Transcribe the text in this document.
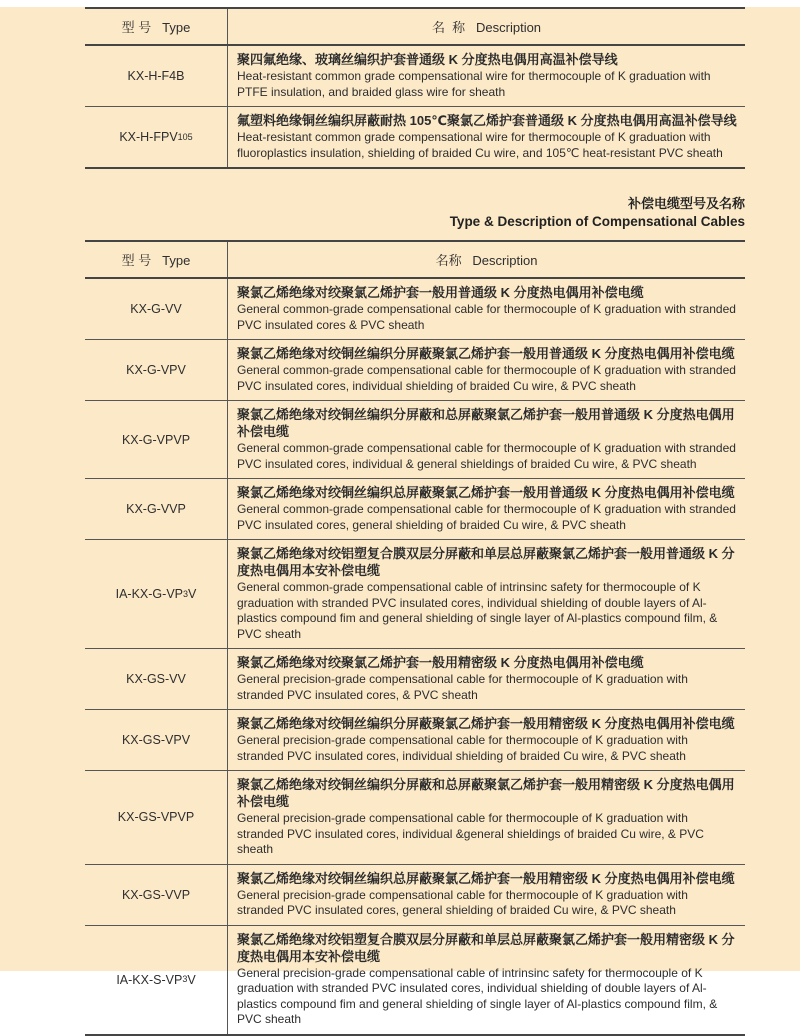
型 号   Type	名  称   Description
KX-H-F4B
聚四氟绝缘、玻璃丝编织护套普通级 K 分度热电偶用高温补偿导线
Heat-resistant common grade compensational wire for thermocouple of K graduation with PTFE insulation, and braided glass wire for sheath
KX-H-FPV 105
氟塑料绝缘铜丝编织屏蔽耐热 105℃聚氯乙烯护套普通级 K 分度热电偶用高温补偿导线
Heat-resistant common grade compensational wire for thermocouple of K graduation with fluoroplastics insulation, shielding of braided Cu wire, and 105℃ heat-resistant PVC sheath
补偿电缆型号及名称
Type & Description of Compensational Cables
型 号   Type	名称   Description
KX-G-VV
聚氯乙烯绝缘对绞聚氯乙烯护套一般用普通级 K 分度热电偶用补偿电缆
General common-grade compensational cable for thermocouple of K graduation with stranded PVC insulated cores & PVC sheath
KX-G-VPV
聚氯乙烯绝缘对绞铜丝编织分屏蔽聚氯乙烯护套一般用普通级 K 分度热电偶用补偿电缆
General common-grade compensational cable for thermocouple of K graduation with stranded PVC insulated cores, individual shielding of braided Cu wire, & PVC sheath
KX-G-VPVP
聚氯乙烯绝缘对绞铜丝编织分屏蔽和总屏蔽聚氯乙烯护套一般用普通级 K 分度热电偶用补偿电缆
General common-grade compensational cable for thermocouple of K graduation with stranded PVC insulated cores, individual & general shieldings of braided Cu wire, & PVC sheath
KX-G-VVP
聚氯乙烯绝缘对绞铜丝编织总屏蔽聚氯乙烯护套一般用普通级 K 分度热电偶用补偿电缆
General common-grade compensational cable for thermocouple of K graduation with stranded PVC insulated cores, general shielding of braided Cu wire, & PVC sheath
IA-KX-G-VP 3 V
聚氯乙烯绝缘对绞铝塑复合膜双层分屏蔽和单层总屏蔽聚氯乙烯护套一般用普通级 K 分度热电偶用本安补偿电缆
General common-grade compensational cable of intrinsinc safety for thermocouple of K graduation with stranded PVC insulated cores, individual shielding of double layers of Al-plastics compound fim and general shielding of single layer of Al-plastics compound film, & PVC sheath
KX-GS-VV
聚氯乙烯绝缘对绞聚氯乙烯护套一般用精密级 K 分度热电偶用补偿电缆
General precision-grade compensational cable for thermocouple of K graduation with stranded PVC insulated cores, & PVC sheath
KX-GS-VPV
聚氯乙烯绝缘对绞铜丝编织分屏蔽聚氯乙烯护套一般用精密级 K 分度热电偶用补偿电缆
General precision-grade compensational cable for thermocouple of K graduation with stranded PVC insulated cores, individual shielding of braided Cu wire, & PVC sheath
KX-GS-VPVP
聚氯乙烯绝缘对绞铜丝编织分屏蔽和总屏蔽聚氯乙烯护套一般用精密级 K 分度热电偶用补偿电缆
General precision-grade compensational cable for thermocouple of K graduation with stranded PVC insulated cores, individual &general shieldings of braided Cu wire, & PVC sheath
KX-GS-VVP
聚氯乙烯绝缘对绞铜丝编织总屏蔽聚氯乙烯护套一般用精密级 K 分度热电偶用补偿电缆
General precision-grade compensational cable for thermocouple of K graduation with stranded PVC insulated cores, general shielding of braided Cu wire, & PVC sheath
IA-KX-S-VP 3 V
聚氯乙烯绝缘对绞铝塑复合膜双层分屏蔽和单层总屏蔽聚氯乙烯护套一般用精密级 K 分度热电偶用本安补偿电缆
General precision-grade compensational cable of intrinsinc safety for thermocouple of K graduation with stranded PVC insulated cores, individual shielding of double layers of Al-plastics compound fim and general shielding of single layer of Al-plastics compound film, & PVC sheath
